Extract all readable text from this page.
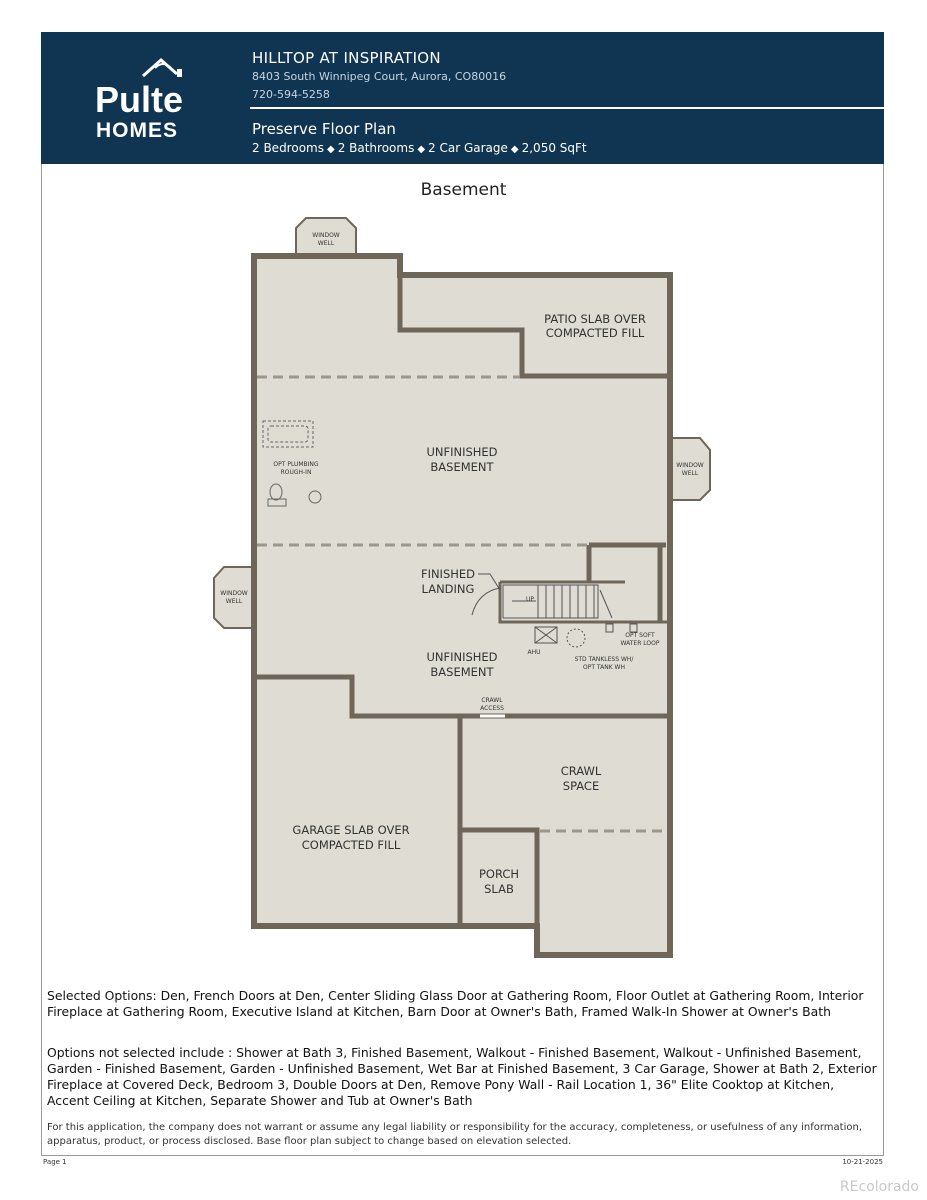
Pulte
HOMES
HILLTOP AT INSPIRATION
8403 South Winnipeg Court, Aurora, CO80016
720-594-5258
Preserve Floor Plan
2 Bedrooms ◆ 2 Bathrooms ◆ 2 Car Garage ◆ 2,050 SqFt
Basement
WINDOW
WELL
WINDOW
WELL
WINDOW
WELL
PATIO SLAB OVER
COMPACTED FILL
UNFINISHED
BASEMENT
UNFINISHED
BASEMENT
FINISHED
LANDING
CRAWL
SPACE
GARAGE SLAB OVER
COMPACTED FILL
PORCH
SLAB
OPT PLUMBING
ROUGH-IN
UP
OPT SOFT
WATER LOOP
AHU
STD TANKLESS WH/
OPT TANK WH
CRAWL
ACCESS
Selected Options: Den, French Doors at Den, Center Sliding Glass Door at Gathering Room, Floor Outlet at Gathering Room, Interior Fireplace at Gathering Room, Executive Island at Kitchen, Barn Door at Owner's Bath, Framed Walk-In Shower at Owner's Bath
Options not selected include : Shower at Bath 3, Finished Basement, Walkout - Finished Basement, Walkout - Unfinished Basement, Garden - Finished Basement, Garden - Unfinished Basement, Wet Bar at Finished Basement, 3 Car Garage, Shower at Bath 2, Exterior Fireplace at Covered Deck, Bedroom 3, Double Doors at Den, Remove Pony Wall - Rail Location 1, 36" Elite Cooktop at Kitchen, Accent Ceiling at Kitchen, Separate Shower and Tub at Owner's Bath
For this application, the company does not warrant or assume any legal liability or responsibility for the accuracy, completeness, or usefulness of any information, apparatus, product, or process disclosed. Base floor plan subject to change based on elevation selected.
Page 1	10-21-2025
REcolorado
